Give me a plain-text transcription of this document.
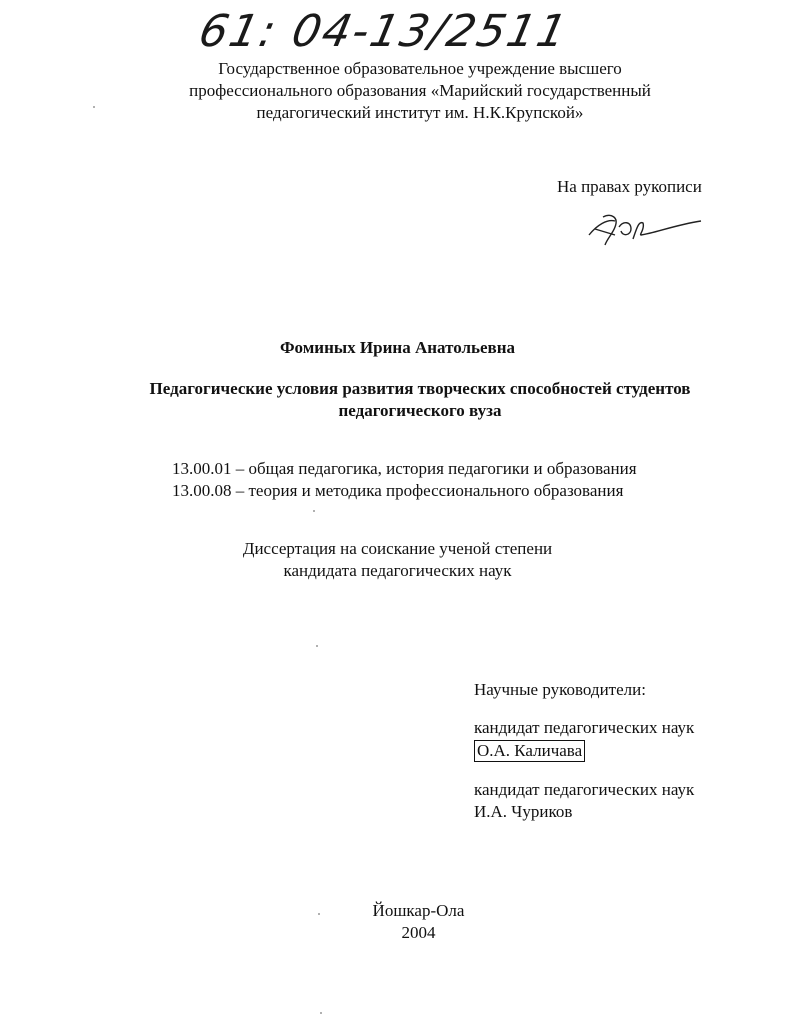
61: 04-13/2511
Государственное образовательное учреждение высшего
профессионального образования «Марийский государственный
педагогический институт им. Н.К.Крупской»
На правах рукописи
Фоминых Ирина Анатольевна
Педагогические условия развития творческих способностей студентов
педагогического вуза
13.00.01 – общая педагогика, история педагогики и образования
13.00.08 – теория и методика профессионального образования
Диссертация на соискание ученой степени
кандидата педагогических наук
Научные руководители:
кандидат педагогических наук
О.А. Каличава
кандидат педагогических наук
И.А. Чуриков
Йошкар-Ола
2004
